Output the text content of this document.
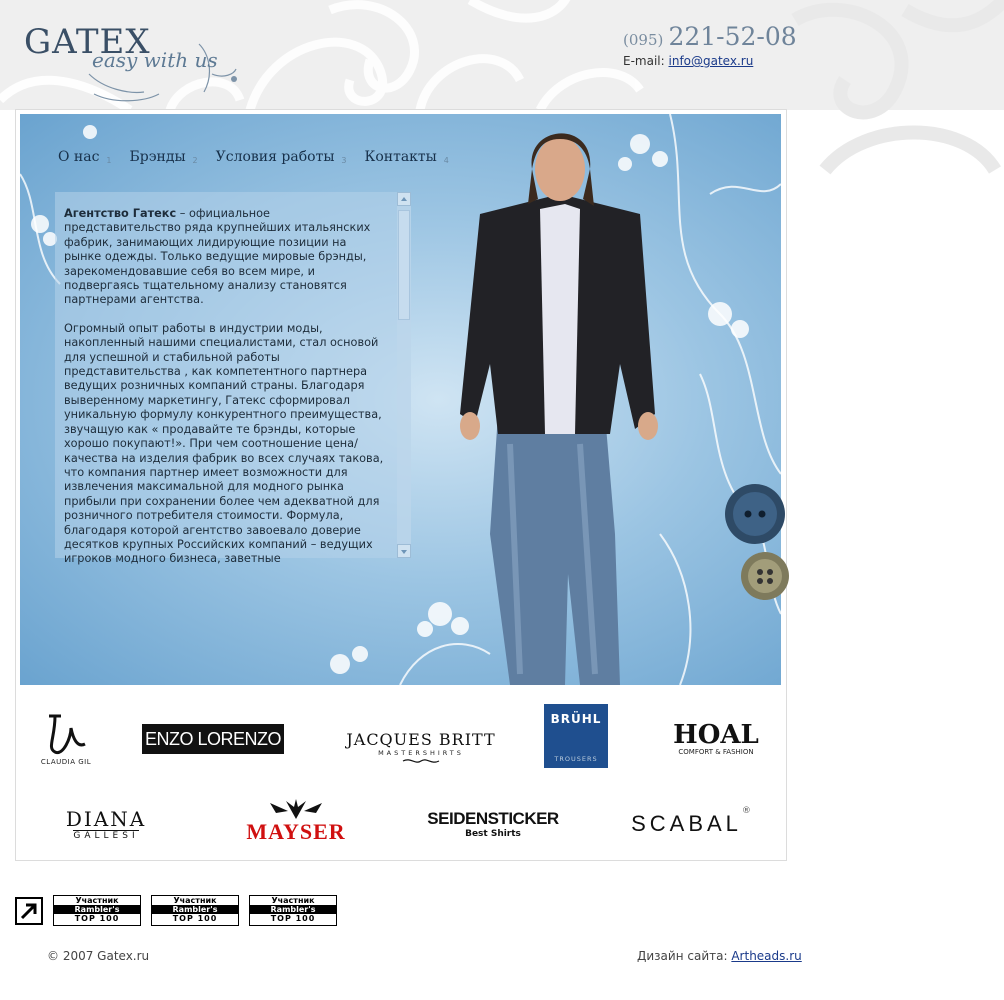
GATEX
easy with us
(095) 221-52-08
E-mail: info@gatex.ru
О нас 1 Брэнды 2 Условия работы 3 Контакты 4

Агентство Гатекс – официальное представительство ряда крупнейших итальянских фабрик, занимающих лидирующие позиции на рынке одежды. Только ведущие мировые брэнды, зарекомендовавшие себя во всем мире, и подвергаясь тщательному анализу становятся партнерами агентства.

Огромный опыт работы в индустрии моды, накопленный нашими специалистами, стал основой для успешной и стабильной работы представительства , как компетентного партнера ведущих розничных компаний страны. Благодаря выверенному маркетингу, Гатекс сформировал уникальную формулу конкурентного преимущества, звучащую как « продавайте те брэнды, которые хорошо покупают!». При чем соотношение цена/качества на изделия фабрик во всех случаях такова, что компания партнер имеет возможности для извлечения максимальной для модного рынка прибыли при сохранении более чем адекватной для розничного потребителя стоимости. Формула, благодаря которой агентство завоевало доверие десятков крупных Российских компаний – ведущих игроков модного бизнеса, заветные

CLAUDIA GIL
ENZO LORENZO	JACQUES BRITT
MASTERSHIRTS
BRÜHL
TROUSERS
HOAL
COMFORT & FASHION
DIANA
GALLESI	MAYSER
SEIDENSTICKER
Best Shirts	SCABAL ®
Участник
Rambler's
TOP 100
Участник
Rambler's
TOP 100
Участник
Rambler's
TOP 100
© 2007 Gatex.ru	Дизайн сайта: Artheads.ru
